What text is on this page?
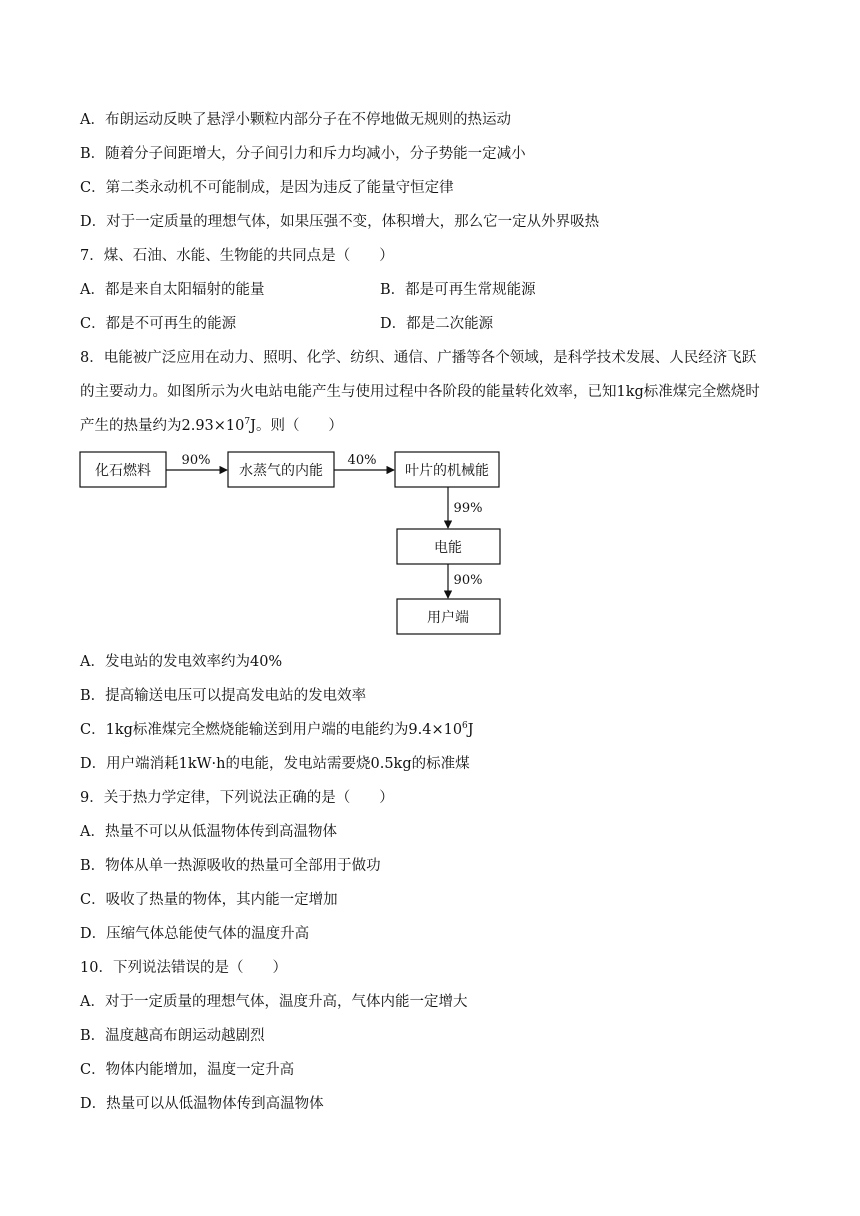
A．布朗运动反映了悬浮小颗粒内部分子在不停地做无规则的热运动
B．随着分子间距增大，分子间引力和斥力均减小，分子势能一定减小
C．第二类永动机不可能制成，是因为违反了能量守恒定律
D．对于一定质量的理想气体，如果压强不变，体积增大，那么它一定从外界吸热
7．煤、石油、水能、生物能的共同点是（　　）
A．都是来自太阳辐射的能量	B．都是可再生常规能源
C．都是不可再生的能源	D．都是二次能源
8．电能被广泛应用在动力、照明、化学、纺织、通信、广播等各个领域，是科学技术发展、人民经济飞跃
的主要动力。如图所示为火电站电能产生与使用过程中各阶段的能量转化效率，已知1kg标准煤完全燃烧时
产生的热量约为$2.93\times 10^7J$。则（　　）
化石燃料	水蒸气的内能	叶片的机械能
电能
用户端
90%	40%
99%
90%
A．发电站的发电效率约为40%
B．提高输送电压可以提高发电站的发电效率
C．1kg标准煤完全燃烧能输送到用户端的电能约为$9.4\times 10^6J$
D．用户端消耗1kW·h的电能，发电站需要烧0.5kg的标准煤
9．关于热力学定律，下列说法正确的是（　　）
A．热量不可以从低温物体传到高温物体
B．物体从单一热源吸收的热量可全部用于做功
C．吸收了热量的物体，其内能一定增加
D．压缩气体总能使气体的温度升高
10．下列说法错误的是（　　）
A．对于一定质量的理想气体，温度升高，气体内能一定增大
B．温度越高布朗运动越剧烈
C．物体内能增加，温度一定升高
D．热量可以从低温物体传到高温物体
